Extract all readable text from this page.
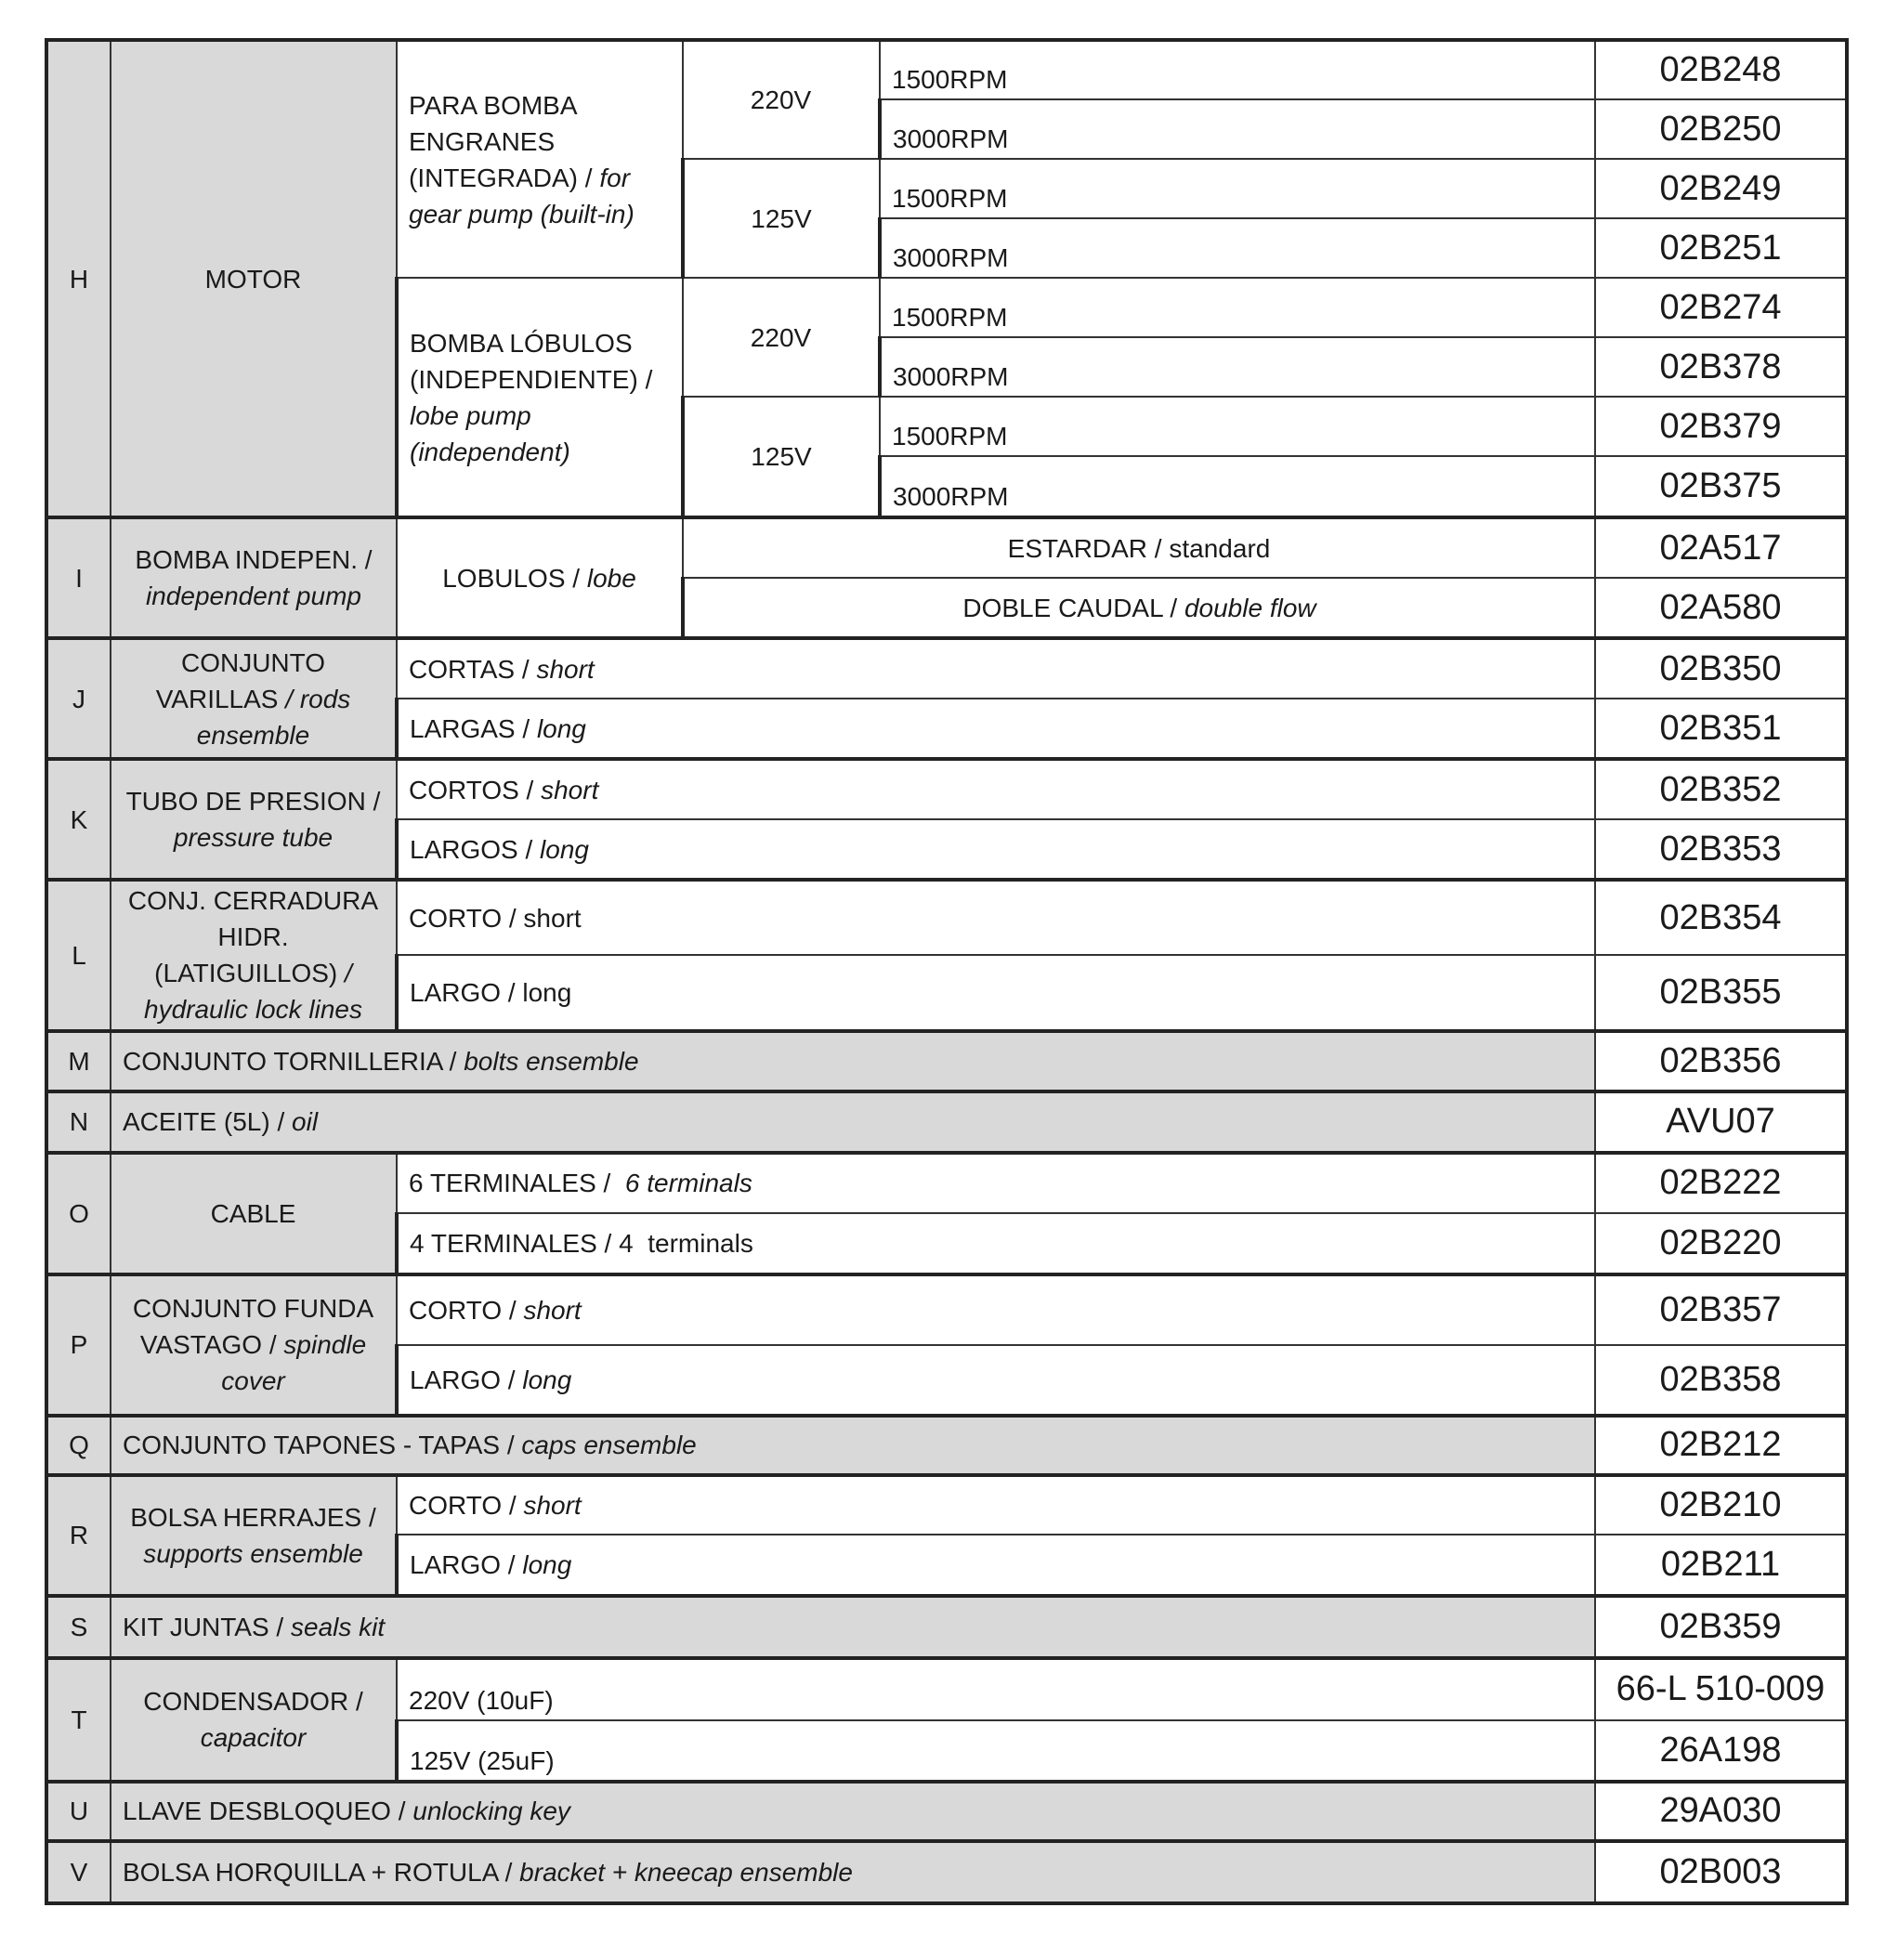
H	MOTOR	PARA BOMBA ENGRANES (INTEGRADA) / for gear pump (built-in)	220V	1500RPM	02B248
				3000RPM	02B250
			125V	1500RPM	02B249
				3000RPM	02B251
		BOMBA LÓBULOS (INDEPENDIENTE) / lobe pump (independent)	220V	1500RPM	02B274
				3000RPM	02B378
			125V	1500RPM	02B379
				3000RPM	02B375
I	BOMBA INDEPEN. / independent pump	LOBULOS / lobe	ESTARDAR / standard		02A517
			DOBLE CAUDAL / double flow		02A580
J	CONJUNTO VARILLAS / rods ensemble	CORTAS / short			02B350
		LARGAS / long			02B351
K	TUBO DE PRESION / pressure tube	CORTOS / short			02B352
		LARGOS / long			02B353
L	CONJ. CERRADURA HIDR. (LATIGUILLOS) / hydraulic lock lines	CORTO / short			02B354
		LARGO / long			02B355
M	CONJUNTO TORNILLERIA / bolts ensemble				02B356
N	ACEITE (5L) / oil				AVU07
O	CABLE	6 TERMINALES /  6 terminals			02B222
		4 TERMINALES / 4  terminals			02B220
P	CONJUNTO FUNDA VASTAGO / spindle cover	CORTO / short			02B357
		LARGO / long			02B358
Q	CONJUNTO TAPONES - TAPAS / caps ensemble				02B212
R	BOLSA HERRAJES / supports ensemble	CORTO / short			02B210
		LARGO / long			02B211
S	KIT JUNTAS / seals kit				02B359
T	CONDENSADOR / capacitor	220V (10uF)			66-L 510-009
		125V (25uF)			26A198
U	LLAVE DESBLOQUEO / unlocking key				29A030
V	BOLSA HORQUILLA + ROTULA / bracket + kneecap ensemble				02B003
